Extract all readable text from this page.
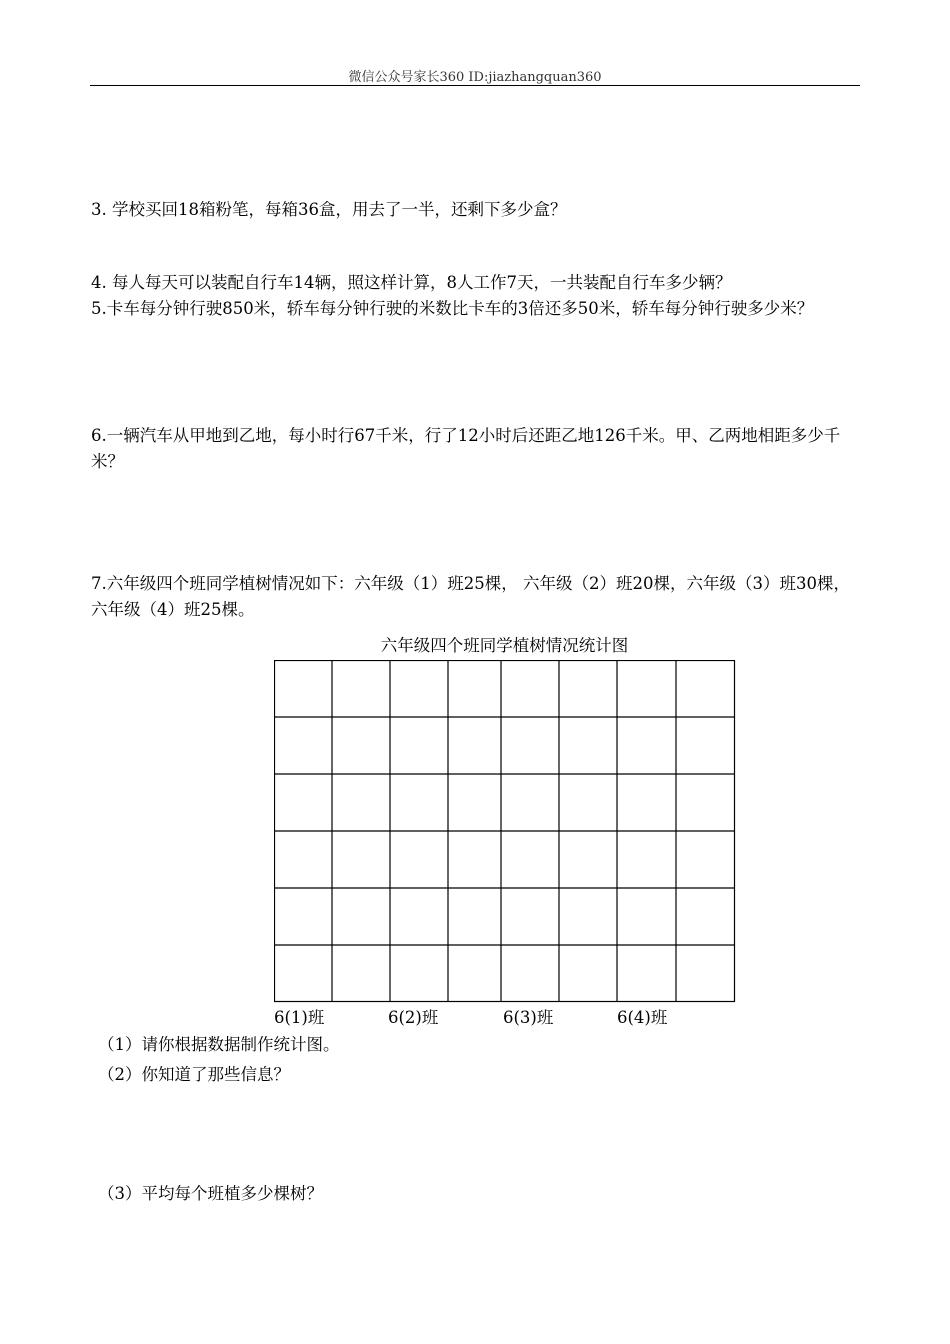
微信公众号家长360 ID:jiazhangquan360
3. 学校买回18箱粉笔，每箱36盒，用去了一半，还剩下多少盒？
4. 每人每天可以装配自行车14辆，照这样计算，8人工作7天，一共装配自行车多少辆？
5.卡车每分钟行驶850米，轿车每分钟行驶的米数比卡车的3倍还多50米，轿车每分钟行驶多少米？
6.一辆汽车从甲地到乙地，每小时行67千米，行了12小时后还距乙地126千米。甲、乙两地相距多少千米？
7.六年级四个班同学植树情况如下：六年级（1）班25棵， 六年级（2）班20棵，六年级（3）班30棵，六年级（4）班25棵。
六年级四个班同学植树情况统计图
6(1)班	6(2)班	6(3)班	6(4)班
（1）请你根据数据制作统计图。
（2）你知道了那些信息？
（3）平均每个班植多少棵树？
